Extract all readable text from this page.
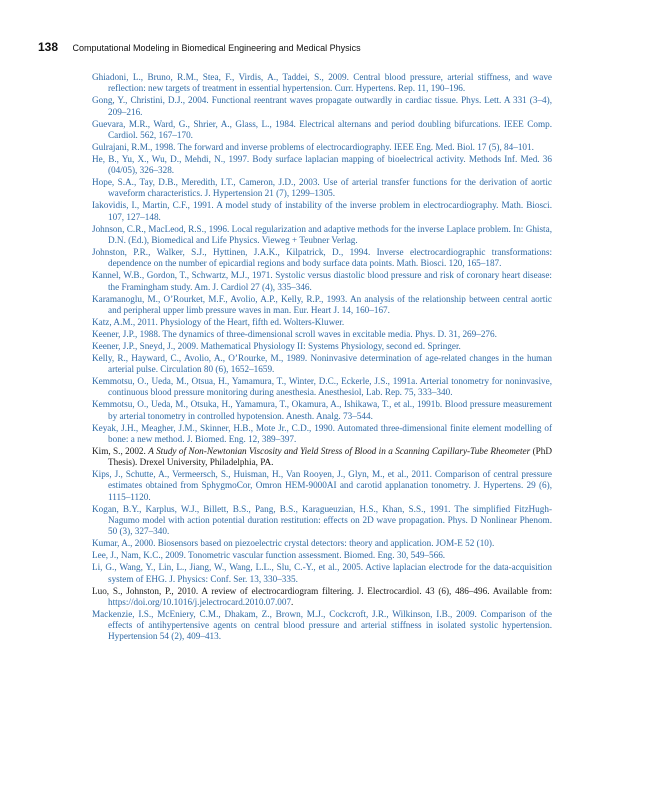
138 Computational Modeling in Biomedical Engineering and Medical Physics
Ghiadoni, L., Bruno, R.M., Stea, F., Virdis, A., Taddei, S., 2009. Central blood pressure, arterial stiffness, and wave reflection: new targets of treatment in essential hypertension. Curr. Hypertens. Rep. 11, 190–196.
Gong, Y., Christini, D.J., 2004. Functional reentrant waves propagate outwardly in cardiac tissue. Phys. Lett. A 331 (3–4), 209–216.
Guevara, M.R., Ward, G., Shrier, A., Glass, L., 1984. Electrical alternans and period doubling bifurcations. IEEE Comp. Cardiol. 562, 167–170.
Gulrajani, R.M., 1998. The forward and inverse problems of electrocardiography. IEEE Eng. Med. Biol. 17 (5), 84–101.
He, B., Yu, X., Wu, D., Mehdi, N., 1997. Body surface laplacian mapping of bioelectrical activity. Methods Inf. Med. 36 (04/05), 326–328.
Hope, S.A., Tay, D.B., Meredith, I.T., Cameron, J.D., 2003. Use of arterial transfer functions for the derivation of aortic waveform characteristics. J. Hypertension 21 (7), 1299–1305.
Iakovidis, I., Martin, C.F., 1991. A model study of instability of the inverse problem in electrocardiography. Math. Biosci. 107, 127–148.
Johnson, C.R., MacLeod, R.S., 1996. Local regularization and adaptive methods for the inverse Laplace problem. In: Ghista, D.N. (Ed.), Biomedical and Life Physics. Vieweg + Teubner Verlag.
Johnston, P.R., Walker, S.J., Hyttinen, J.A.K., Kilpatrick, D., 1994. Inverse electrocardiographic transformations: dependence on the number of epicardial regions and body surface data points. Math. Biosci. 120, 165–187.
Kannel, W.B., Gordon, T., Schwartz, M.J., 1971. Systolic versus diastolic blood pressure and risk of coronary heart disease: the Framingham study. Am. J. Cardiol 27 (4), 335–346.
Karamanoglu, M., O’Rourket, M.F., Avolio, A.P., Kelly, R.P., 1993. An analysis of the relationship between central aortic and peripheral upper limb pressure waves in man. Eur. Heart J. 14, 160–167.
Katz, A.M., 2011. Physiology of the Heart, fifth ed. Wolters-Kluwer.
Keener, J.P., 1988. The dynamics of three-dimensional scroll waves in excitable media. Phys. D. 31, 269–276.
Keener, J.P., Sneyd, J., 2009. Mathematical Physiology II: Systems Physiology, second ed. Springer.
Kelly, R., Hayward, C., Avolio, A., O’Rourke, M., 1989. Noninvasive determination of age-related changes in the human arterial pulse. Circulation 80 (6), 1652–1659.
Kemmotsu, O., Ueda, M., Otsua, H., Yamamura, T., Winter, D.C., Eckerle, J.S., 1991a. Arterial tonometry for noninvasive, continuous blood pressure monitoring during anesthesia. Anesthesiol, Lab. Rep. 75, 333–340.
Kemmotsu, O., Ueda, M., Otsuka, H., Yamamura, T., Okamura, A., Ishikawa, T., et al., 1991b. Blood pressure measurement by arterial tonometry in controlled hypotension. Anesth. Analg. 73–544.
Keyak, J.H., Meagher, J.M., Skinner, H.B., Mote Jr., C.D., 1990. Automated three-dimensional finite element modelling of bone: a new method. J. Biomed. Eng. 12, 389–397.
Kim, S., 2002. A Study of Non-Newtonian Viscosity and Yield Stress of Blood in a Scanning Capillary-Tube Rheometer (PhD Thesis). Drexel University, Philadelphia, PA.
Kips, J., Schutte, A., Vermeersch, S., Huisman, H., Van Rooyen, J., Glyn, M., et al., 2011. Comparison of central pressure estimates obtained from SphygmoCor, Omron HEM-9000AI and carotid applanation tonometry. J. Hypertens. 29 (6), 1115–1120.
Kogan, B.Y., Karplus, W.J., Billett, B.S., Pang, B.S., Karagueuzian, H.S., Khan, S.S., 1991. The simplified FitzHugh-Nagumo model with action potential duration restitution: effects on 2D wave propagation. Phys. D Nonlinear Phenom. 50 (3), 327–340.
Kumar, A., 2000. Biosensors based on piezoelectric crystal detectors: theory and application. JOM-E 52 (10).
Lee, J., Nam, K.C., 2009. Tonometric vascular function assessment. Biomed. Eng. 30, 549–566.
Li, G., Wang, Y., Lin, L., Jiang, W., Wang, L.L., Slu, C.-Y., et al., 2005. Active laplacian electrode for the data-acquisition system of EHG. J. Physics: Conf. Ser. 13, 330–335.
Luo, S., Johnston, P., 2010. A review of electrocardiogram filtering. J. Electrocardiol. 43 (6), 486–496. Available from: https://doi.org/10.1016/j.jelectrocard.2010.07.007.
Mackenzie, I.S., McEniery, C.M., Dhakam, Z., Brown, M.J., Cockcroft, J.R., Wilkinson, I.B., 2009. Comparison of the effects of antihypertensive agents on central blood pressure and arterial stiffness in isolated systolic hypertension. Hypertension 54 (2), 409–413.
